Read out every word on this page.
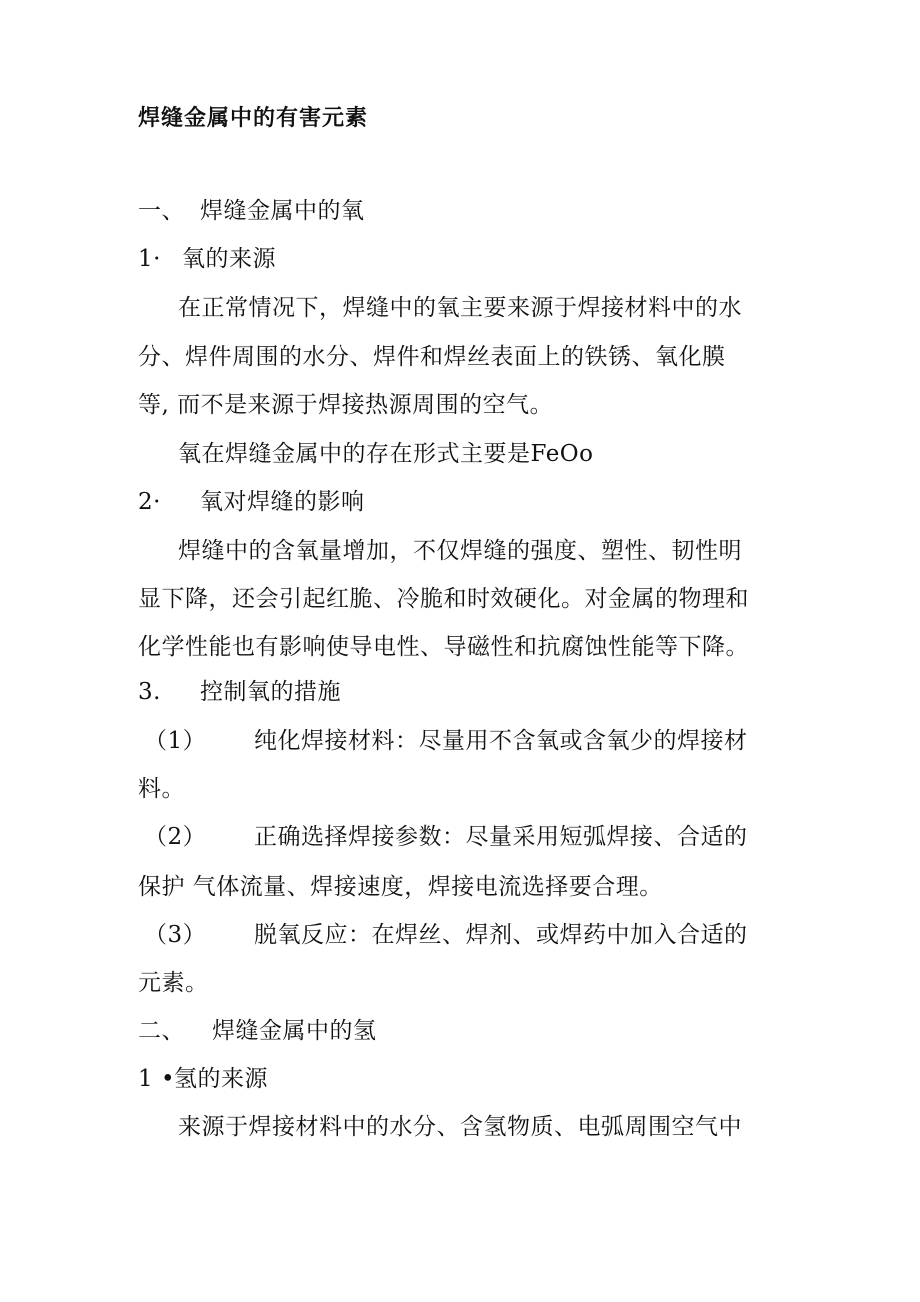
焊缝金属中的有害元素
一、 焊缝金属中的氧
1· 氧的来源
在正常情况下，焊缝中的氧主要来源于焊接材料中的水
分、焊件周围的水分、焊件和焊丝表面上的铁锈、氧化膜
等, 而不是来源于焊接热源周围的空气。
氧在焊缝金属中的存在形式主要是FeOo
2· 氧对焊缝的影响
焊缝中的含氧量增加，不仅焊缝的强度、塑性、韧性明
显下降，还会引起红脆、冷脆和时效硬化。对金属的物理和
化学性能也有影响使导电性、导磁性和抗腐蚀性能等下降。
3. 控制氧的措施
（1） 纯化焊接材料：尽量用不含氧或含氧少的焊接材
料。
（2） 正确选择焊接参数：尽量采用短弧焊接、合适的
保护 气体流量、焊接速度，焊接电流选择要合理。
（3） 脱氧反应：在焊丝、焊剂、或焊药中加入合适的
元素。
二、 焊缝金属中的氢
1 •氢的来源
来源于焊接材料中的水分、含氢物质、电弧周围空气中
